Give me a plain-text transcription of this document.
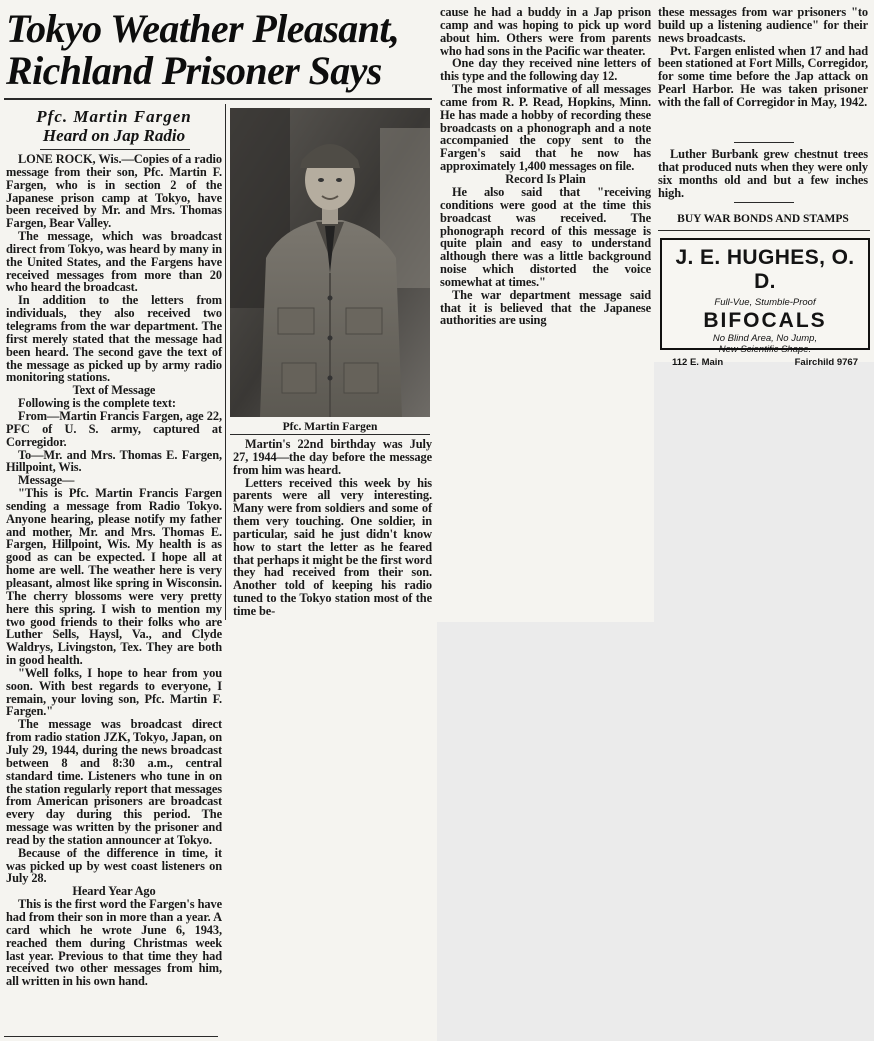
Tokyo Weather Pleasant,
Richland Prisoner Says
Pfc. Martin Fargen
Heard on Jap Radio

LONE ROCK, Wis.—Copies of a radio message from their son, Pfc. Martin F. Fargen, who is in section 2 of the Japanese prison camp at Tokyo, have been received by Mr. and Mrs. Thomas Fargen, Bear Valley.

The message, which was broadcast direct from Tokyo, was heard by many in the United States, and the Fargens have received messages from more than 20 who heard the broadcast.

In addition to the letters from individuals, they also received two telegrams from the war department. The first merely stated that the message had been heard. The second gave the text of the message as picked up by army radio monitoring stations.

Text of Message

Following is the complete text:

From—Martin Francis Fargen, age 22, PFC of U. S. army, captured at Corregidor.

To—Mr. and Mrs. Thomas E. Fargen, Hillpoint, Wis.

Message—

"This is Pfc. Martin Francis Fargen sending a message from Radio Tokyo. Anyone hearing, please notify my father and mother, Mr. and Mrs. Thomas E. Fargen, Hillpoint, Wis. My health is as good as can be expected. I hope all at home are well. The weather here is very pleasant, almost like spring in Wisconsin. The cherry blossoms were very pretty here this spring. I wish to mention my two good friends to their folks who are Luther Sells, Haysl, Va., and Clyde Waldrys, Livingston, Tex. They are both in good health.

"Well folks, I hope to hear from you soon. With best regards to everyone, I remain, your loving son, Pfc. Martin F. Fargen."

The message was broadcast direct from radio station JZK, Tokyo, Japan, on July 29, 1944, during the news broadcast between 8 and 8:30 a.m., central standard time. Listeners who tune in on the station regularly report that messages from American prisoners are broadcast every day during this period. The message was written by the prisoner and read by the station announcer at Tokyo.

Because of the difference in time, it was picked up by west coast listeners on July 28.

Heard Year Ago

This is the first word the Fargen's have had from their son in more than a year. A card which he wrote June 6, 1943, reached them during Christmas week last year. Previous to that time they had received two other messages from him, all written in his own hand.

Pfc. Martin Fargen

Martin's 22nd birthday was July 27, 1944—the day before the message from him was heard.

Letters received this week by his parents were all very interesting. Many were from soldiers and some of them very touching. One soldier, in particular, said he just didn't know how to start the letter as he feared that perhaps it might be the first word they had received from their son. Another told of keeping his radio tuned to the Tokyo station most of the time be-

cause he had a buddy in a Jap prison camp and was hoping to pick up word about him. Others were from parents who had sons in the Pacific war theater.

One day they received nine letters of this type and the following day 12.

The most informative of all messages came from R. P. Read, Hopkins, Minn. He has made a hobby of recording these broadcasts on a phonograph and a note accompanied the copy sent to the Fargen's said that he now has approximately 1,400 messages on file.

Record Is Plain

He also said that "receiving conditions were good at the time this broadcast was received. The phonograph record of this message is quite plain and easy to understand although there was a little background noise which distorted the voice somewhat at times."

The war department message said that it is believed that the Japanese authorities are using

these messages from war prisoners "to build up a listening audience" for their news broadcasts.

Pvt. Fargen enlisted when 17 and had been stationed at Fort Mills, Corregidor, for some time before the Jap attack on Pearl Harbor. He was taken prisoner with the fall of Corregidor in May, 1942.

Luther Burbank grew chestnut trees that produced nuts when they were only six months old and but a few inches high.

BUY WAR BONDS AND STAMPS
J. E. HUGHES, O. D.
Full-Vue, Stumble-Proof
BIFOCALS
No Blind Area, No Jump,
New Scientific Shape.
112 E. Main	Fairchild 9767
